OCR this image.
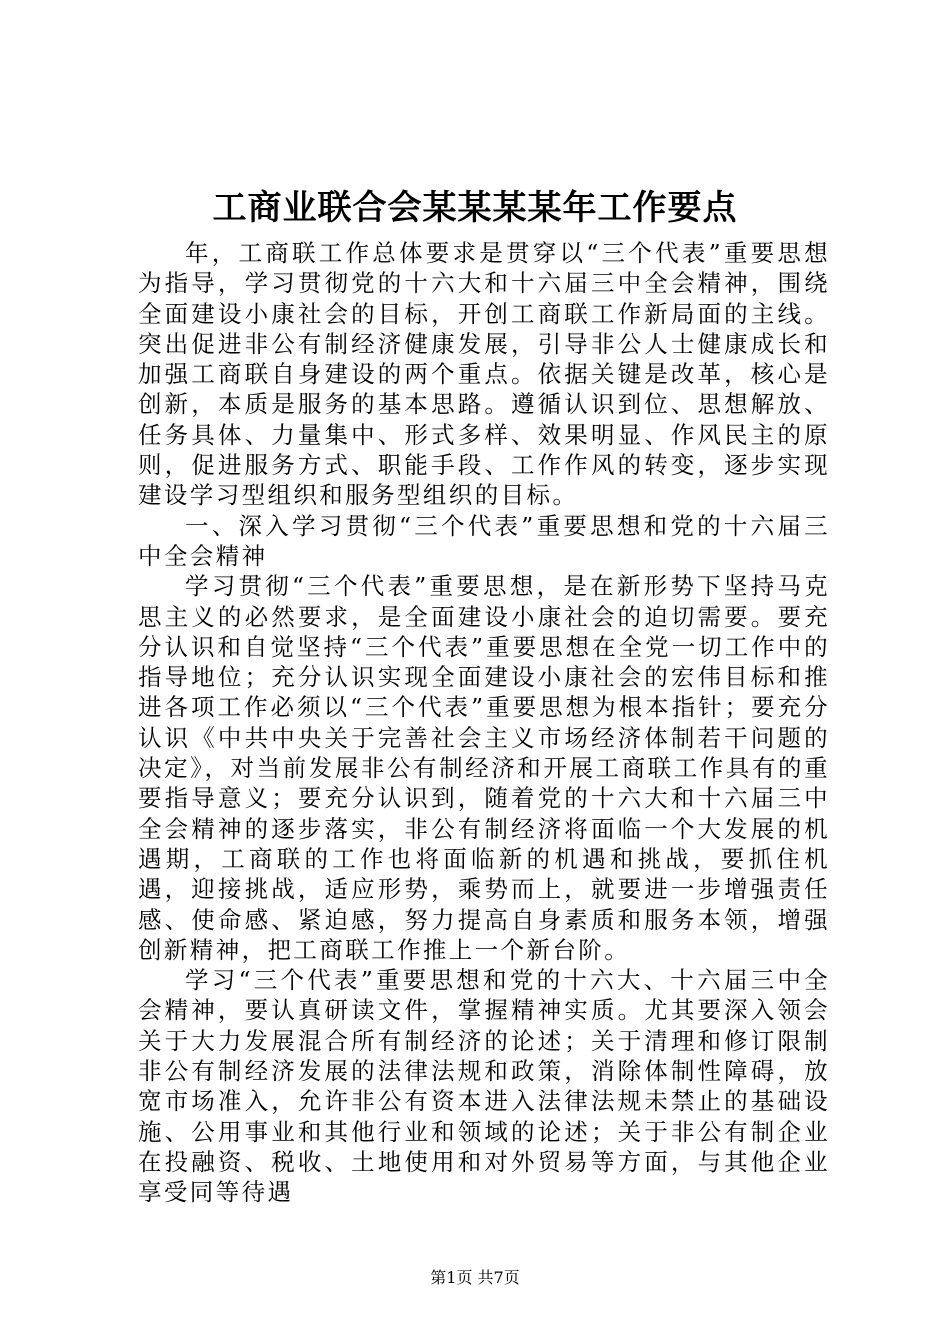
工商业联合会某某某某年工作要点

年，工商联工作总体要求是贯穿以“三个代表”重要思想为指导，学习贯彻党的十六大和十六届三中全会精神，围绕全面建设小康社会的目标，开创工商联工作新局面的主线。突出促进非公有制经济健康发展，引导非公人士健康成长和加强工商联自身建设的两个重点。依据关键是改革，核心是创新，本质是服务的基本思路。遵循认识到位、思想解放、任务具体、力量集中、形式多样、效果明显、作风民主的原则，促进服务方式、职能手段、工作作风的转变，逐步实现建设学习型组织和服务型组织的目标。

一、深入学习贯彻“三个代表”重要思想和党的十六届三中全会精神

学习贯彻“三个代表”重要思想，是在新形势下坚持马克思主义的必然要求，是全面建设小康社会的迫切需要。要充分认识和自觉坚持“三个代表”重要思想在全党一切工作中的指导地位；充分认识实现全面建设小康社会的宏伟目标和推进各项工作必须以“三个代表”重要思想为根本指针；要充分认识《中共中央关于完善社会主义市场经济体制若干问题的决定》，对当前发展非公有制经济和开展工商联工作具有的重要指导意义；要充分认识到，随着党的十六大和十六届三中全会精神的逐步落实，非公有制经济将面临一个大发展的机遇期，工商联的工作也将面临新的机遇和挑战，要抓住机遇，迎接挑战，适应形势，乘势而上，就要进一步增强责任感、使命感、紧迫感，努力提高自身素质和服务本领，增强创新精神，把工商联工作推上一个新台阶。

学习“三个代表”重要思想和党的十六大、十六届三中全会精神，要认真研读文件，掌握精神实质。尤其要深入领会关于大力发展混合所有制经济的论述；关于清理和修订限制非公有制经济发展的法律法规和政策，消除体制性障碍，放宽市场准入，允许非公有资本进入法律法规未禁止的基础设施、公用事业和其他行业和领域的论述；关于非公有制企业在投融资、税收、土地使用和对外贸易等方面，与其他企业享受同等待遇

第1页 共7页
